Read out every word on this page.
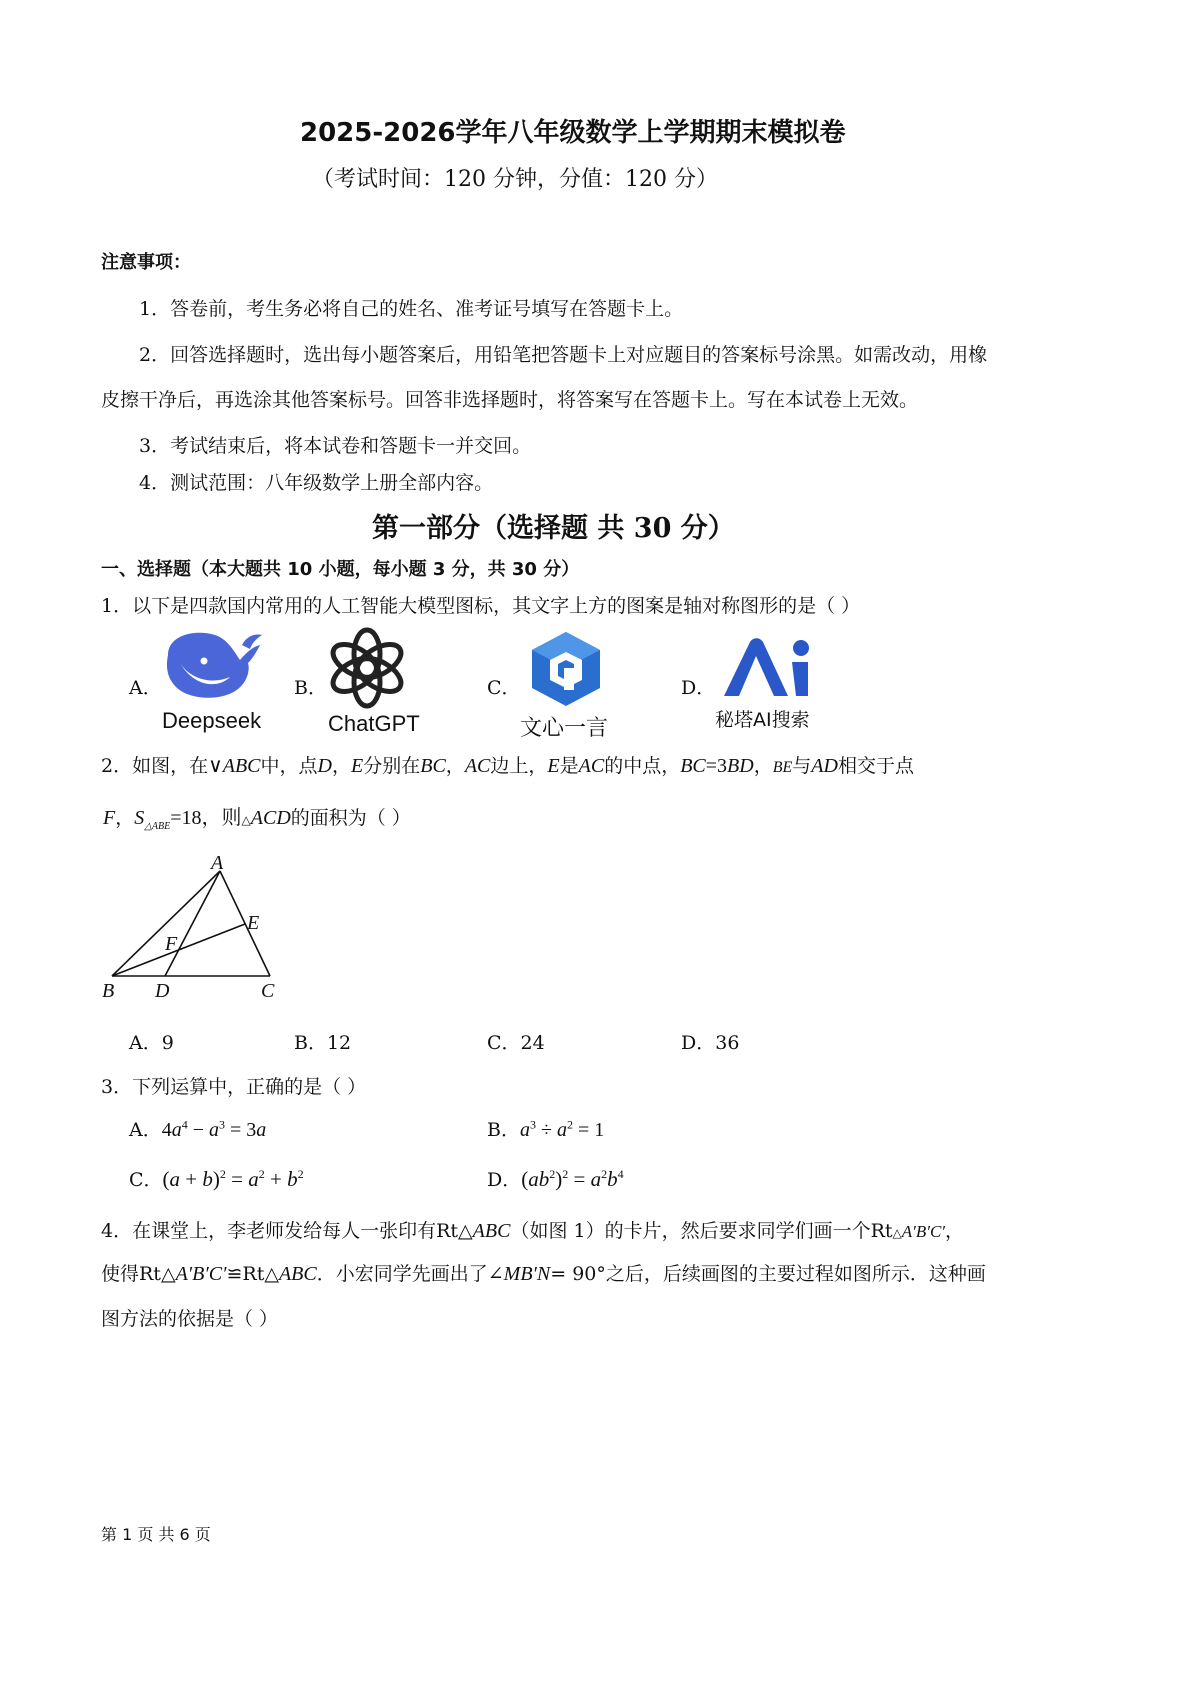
2025-2026学年八年级数学上学期期末模拟卷
（考试时间：120 分钟，分值：120 分）
注意事项：
1．答卷前，考生务必将自己的姓名、准考证号填写在答题卡上。
2．回答选择题时，选出每小题答案后，用铅笔把答题卡上对应题目的答案标号涂黑。如需改动，用橡
皮擦干净后，再选涂其他答案标号。回答非选择题时，将答案写在答题卡上。写在本试卷上无效。
3．考试结束后，将本试卷和答题卡一并交回。
4．测试范围：八年级数学上册全部内容。
第一部分（选择题 共 30 分）
一、选择题（本大题共 10 小题，每小题 3 分，共 30 分）
1．以下是四款国内常用的人工智能大模型图标，其文字上方的图案是轴对称图形的是（ ）
A．	B．	C．	D．
Deepseek	ChatGPT	文心一言	秘塔AI搜索
2．如图，在∨ABC中，点D，E分别在BC，AC边上，E是AC的中点，BC=3BD，BE与AD相交于点
F，$S_{\triangle ABE}=18$，则△ACD的面积为（ ）
A
B	C
D
E
F
A．9	B．12	C．24	D．36
3．下列运算中，正确的是（ ）
A．$4a^4 - a^3 = 3a$	B．$a^3 \div a^2 = 1$
C．$(a + b)^2 = a^2 + b^2$	D．$(ab^2)^2 = a^2b^4$
4．在课堂上，李老师发给每人一张印有Rt△ABC（如图 1）的卡片，然后要求同学们画一个Rt△A′B′C′，
使得Rt△A′B′C′≌Rt△ABC．小宏同学先画出了∠MB′N= 90°之后，后续画图的主要过程如图所示．这种画
图方法的依据是（ ）
第 1 页 共 6 页
